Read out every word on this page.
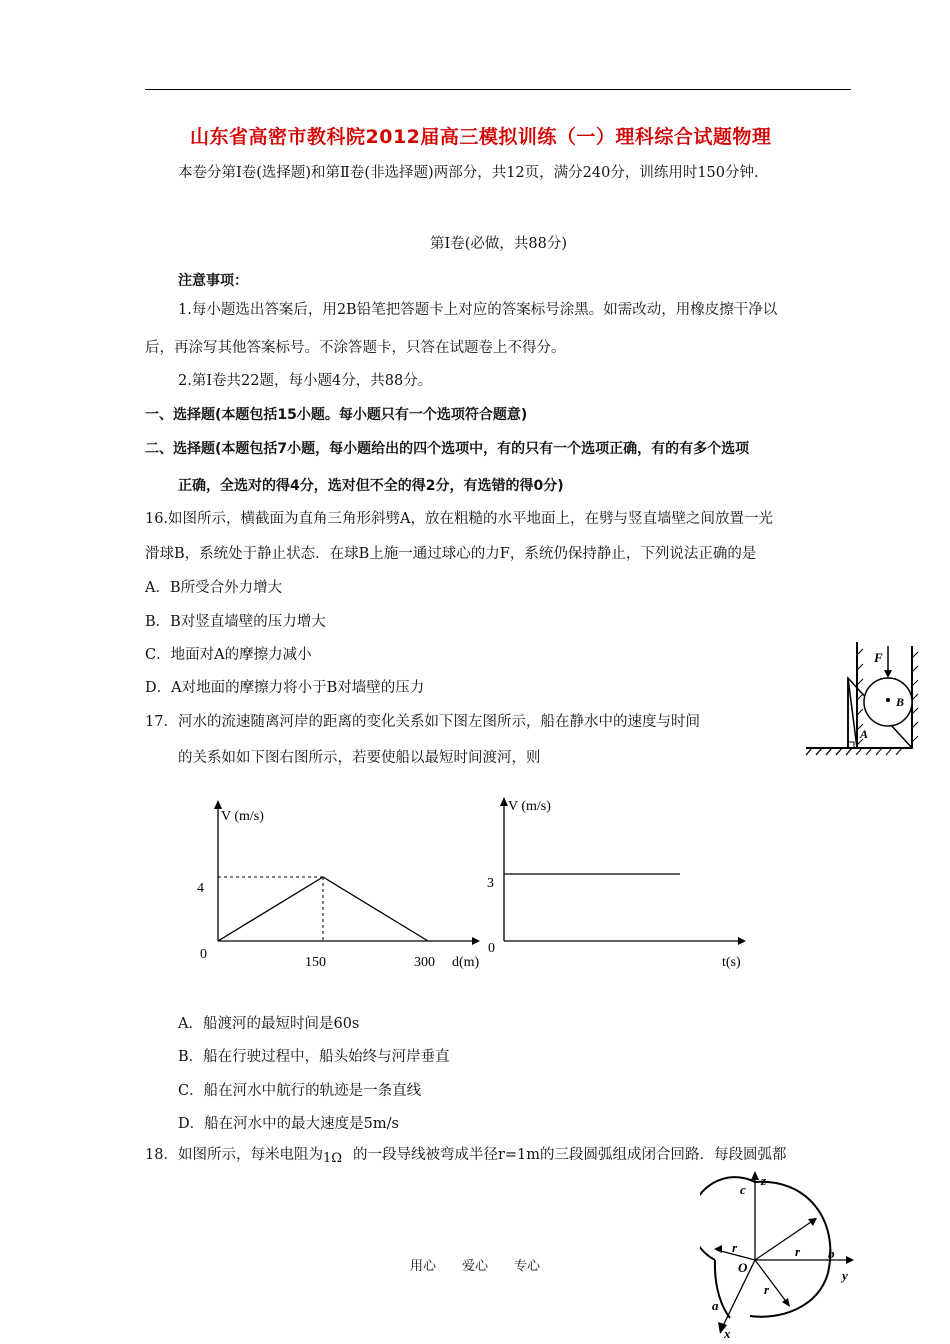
山东省高密市教科院2012届高三模拟训练（一）理科综合试题物理
本卷分第Ⅰ卷(选择题)和第Ⅱ卷(非选择题)两部分，共12页，满分240分，训练用时150分钟.
第Ⅰ卷(必做，共88分)
注意事项：
1.每小题选出答案后，用2B铅笔把答题卡上对应的答案标号涂黑。如需改动，用橡皮擦干净以
后，再涂写其他答案标号。不涂答题卡，只答在试题卷上不得分。
2.第Ⅰ卷共22题，每小题4分，共88分。
一、选择题(本题包括15小题。每小题只有一个选项符合题意)
二、选择题(本题包括7小题，每小题给出的四个选项中，有的只有一个选项正确，有的有多个选项
正确，全选对的得4分，选对但不全的得2分，有选错的得0分)
16.如图所示，横截面为直角三角形斜劈A，放在粗糙的水平地面上，在劈与竖直墙壁之间放置一光
滑球B，系统处于静止状态．在球B上施一通过球心的力F，系统仍保持静止，下列说法正确的是
A．B所受合外力增大
B．B对竖直墙壁的压力增大
C．地面对A的摩擦力减小
D．A对地面的摩擦力将小于B对墙壁的压力
F
B
A
17．河水的流速随离河岸的距离的变化关系如下图左图所示，船在静水中的速度与时间
的关系如如下图右图所示，若要使船以最短时间渡河，则
V (m/s)
4
0
150	300 d(m)
V (m/s)
3
0
t(s)
A．船渡河的最短时间是60s
B．船在行驶过程中，船头始终与河岸垂直
C．船在河水中航行的轨迹是一条直线
D．船在河水中的最大速度是5m/s
18．如图所示，每米电阻为1Ω 的一段导线被弯成半径r=1m的三段圆弧组成闭合回路．每段圆弧都
c
z
r	r
r
b
y
O
a
x
用心　　爱心　　专心
